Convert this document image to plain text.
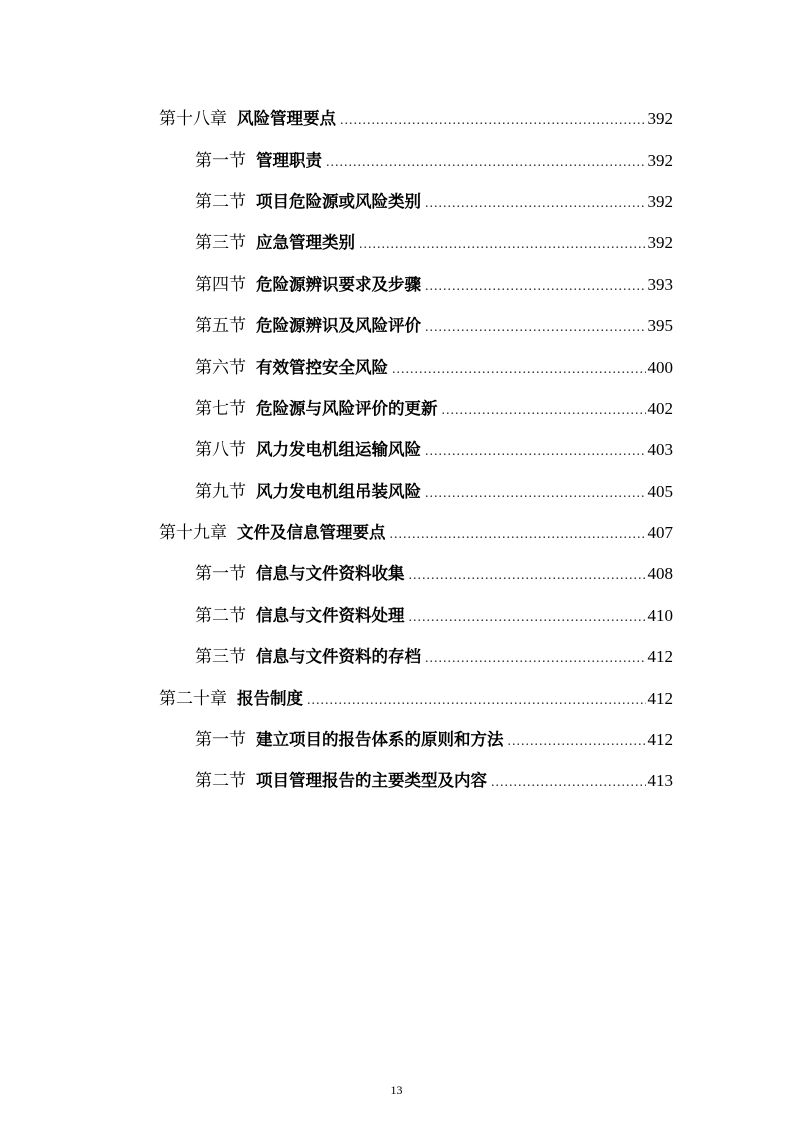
第十八章 风险管理要点 .....	392
第一节 管理职责 .....	392
第二节 项目危险源或风险类别 .....	392
第三节 应急管理类别 .....	392
第四节 危险源辨识要求及步骤 .....	393
第五节 危险源辨识及风险评价 .....	395
第六节 有效管控安全风险 .....	400
第七节 危险源与风险评价的更新 .....	402
第八节 风力发电机组运输风险 .....	403
第九节 风力发电机组吊装风险 .....	405
第十九章 文件及信息管理要点 .....	407
第一节 信息与文件资料收集 .....	408
第二节 信息与文件资料处理 .....	410
第三节 信息与文件资料的存档 .....	412
第二十章 报告制度 .....	412
第一节 建立项目的报告体系的原则和方法 .....	412
第二节 项目管理报告的主要类型及内容 .....	413
13
